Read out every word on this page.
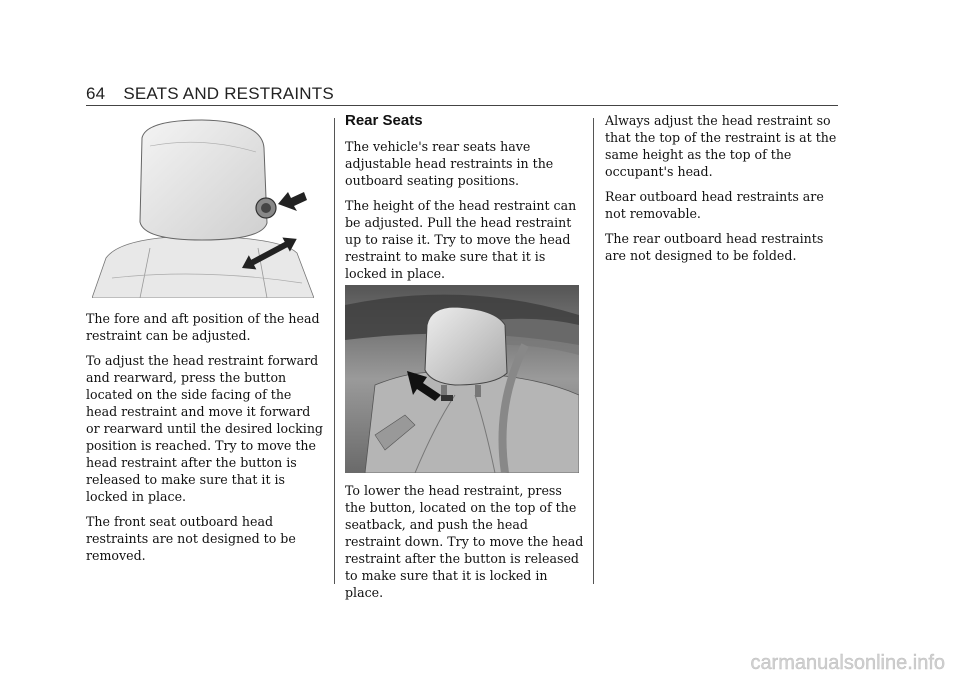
64 SEATS AND RESTRAINTS

The fore and aft position of the head restraint can be adjusted.

To adjust the head restraint forward and rearward, press the button located on the side facing of the head restraint and move it forward or rearward until the desired locking position is reached. Try to move the head restraint after the button is released to make sure that it is locked in place.

The front seat outboard head restraints are not designed to be removed.

Rear Seats

The vehicle's rear seats have adjustable head restraints in the outboard seating positions.

The height of the head restraint can be adjusted. Pull the head restraint up to raise it. Try to move the head restraint to make sure that it is locked in place.

To lower the head restraint, press the button, located on the top of the seatback, and push the head restraint down. Try to move the head restraint after the button is released to make sure that it is locked in place.

Always adjust the head restraint so that the top of the restraint is at the same height as the top of the occupant's head.

Rear outboard head restraints are not removable.

The rear outboard head restraints are not designed to be folded.

carmanualsonline.info
